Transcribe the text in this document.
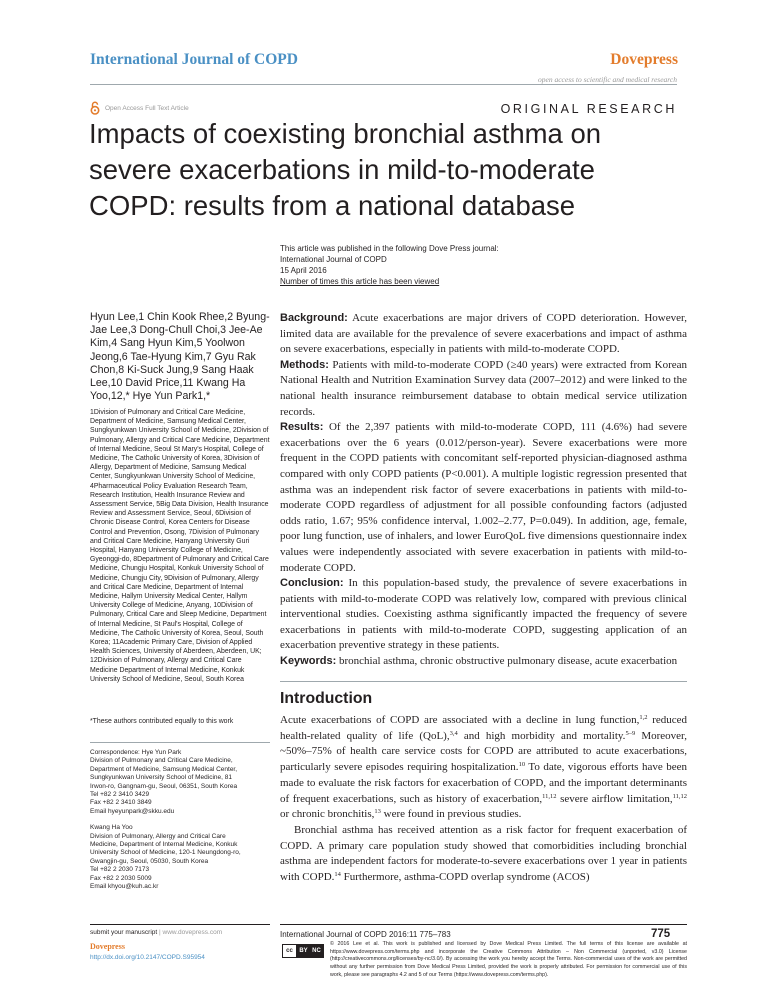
International Journal of COPD	Dovepress
open access to scientific and medical research
Open Access Full Text Article	ORIGINAL RESEARCH
Impacts of coexisting bronchial asthma on severe exacerbations in mild-to-moderate COPD: results from a national database
This article was published in the following Dove Press journal:
International Journal of COPD
15 April 2016
Number of times this article has been viewed
Hyun Lee,1 Chin Kook Rhee,2 Byung-Jae Lee,3 Dong-Chull Choi,3 Jee-Ae Kim,4 Sang Hyun Kim,5 Yoolwon Jeong,6 Tae-Hyung Kim,7 Gyu Rak Chon,8 Ki-Suck Jung,9 Sang Haak Lee,10 David Price,11 Kwang Ha Yoo,12,* Hye Yun Park1,*
1Division of Pulmonary and Critical Care Medicine, Department of Medicine, Samsung Medical Center, Sungkyunkwan University School of Medicine, 2Division of Pulmonary, Allergy and Critical Care Medicine, Department of Internal Medicine, Seoul St Mary's Hospital, College of Medicine, The Catholic University of Korea, 3Division of Allergy, Department of Medicine, Samsung Medical Center, Sungkyunkwan University School of Medicine, 4Pharmaceutical Policy Evaluation Research Team, Research Institution, Health Insurance Review and Assessment Service, 5Big Data Division, Health Insurance Review and Assessment Service, Seoul, 6Division of Chronic Disease Control, Korea Centers for Disease Control and Prevention, Osong, 7Division of Pulmonary and Critical Care Medicine, Hanyang University Guri Hospital, Hanyang University College of Medicine, Gyeonggi-do, 8Department of Pulmonary and Critical Care Medicine, Chungju Hospital, Konkuk University School of Medicine, Chungju City, 9Division of Pulmonary, Allergy and Critical Care Medicine, Department of Internal Medicine, Hallym University Medical Center, Hallym University College of Medicine, Anyang, 10Division of Pulmonary, Critical Care and Sleep Medicine, Department of Internal Medicine, St Paul's Hospital, College of Medicine, The Catholic University of Korea, Seoul, South Korea; 11Academic Primary Care, Division of Applied Health Sciences, University of Aberdeen, Aberdeen, UK; 12Division of Pulmonary, Allergy and Critical Care Medicine Department of Internal Medicine, Konkuk University School of Medicine, Seoul, South Korea
*These authors contributed equally to this work

Correspondence: Hye Yun Park
Division of Pulmonary and Critical Care Medicine,
Department of Medicine, Samsung Medical Center,
Sungkyunkwan University School of Medicine, 81
Irwon-ro, Gangnam-gu, Seoul, 06351, South Korea
Tel +82 2 3410 3429
Fax +82 2 3410 3849
Email hyeyunpark@skku.edu

Kwang Ha Yoo
Division of Pulmonary, Allergy and Critical Care
Medicine, Department of Internal Medicine, Konkuk
University School of Medicine, 120-1 Neungdong-ro,
Gwangjin-gu, Seoul, 05030, South Korea
Tel +82 2 2030 7173
Fax +82 2 2030 5009
Email khyou@kuh.ac.kr

Background: Acute exacerbations are major drivers of COPD deterioration. However, limited data are available for the prevalence of severe exacerbations and impact of asthma on severe exacerbations, especially in patients with mild-to-moderate COPD.

Methods: Patients with mild-to-moderate COPD (≥40 years) were extracted from Korean National Health and Nutrition Examination Survey data (2007–2012) and were linked to the national health insurance reimbursement database to obtain medical service utilization records.

Results: Of the 2,397 patients with mild-to-moderate COPD, 111 (4.6%) had severe exacerbations over the 6 years (0.012/person-year). Severe exacerbations were more frequent in the COPD patients with concomitant self-reported physician-diagnosed asthma compared with only COPD patients (P<0.001). A multiple logistic regression presented that asthma was an independent risk factor of severe exacerbations in patients with mild-to-moderate COPD regardless of adjustment for all possible confounding factors (adjusted odds ratio, 1.67; 95% confidence interval, 1.002–2.77, P=0.049). In addition, age, female, poor lung function, use of inhalers, and lower EuroQoL five dimensions questionnaire index values were independently associated with severe exacerbation in patients with mild-to-moderate COPD.

Conclusion: In this population-based study, the prevalence of severe exacerbations in patients with mild-to-moderate COPD was relatively low, compared with previous clinical interventional studies. Coexisting asthma significantly impacted the frequency of severe exacerbations in patients with mild-to-moderate COPD, suggesting application of an exacerbation preventive strategy in these patients.

Keywords: bronchial asthma, chronic obstructive pulmonary disease, acute exacerbation

Introduction

Acute exacerbations of COPD are associated with a decline in lung function,$^{1,2}$ reduced health-related quality of life (QoL),$^{3,4}$ and high morbidity and mortality.$^{5-9}$ Moreover, ~50%–75% of health care service costs for COPD are attributed to acute exacerbations, particularly severe episodes requiring hospitalization.$^{10}$ To date, vigorous efforts have been made to evaluate the risk factors for exacerbation of COPD, and the important determinants of frequent exacerbations, such as history of exacerbation,$^{11,12}$ severe airflow limitation,$^{11,12}$ or chronic bronchitis,$^{13}$ were found in previous studies.

Bronchial asthma has received attention as a risk factor for frequent exacerbation of COPD. A primary care population study showed that comorbidities including bronchial asthma are independent factors for moderate-to-severe exacerbations over 1 year in patients with COPD.$^{14}$ Furthermore, asthma-COPD overlap syndrome (ACOS)

submit your manuscript | www.dovepress.com
Dovepress
http://dx.doi.org/10.2147/COPD.S95954
International Journal of COPD 2016:11 775–783	775
cc	BY NC
© 2016 Lee et al. This work is published and licensed by Dove Medical Press Limited. The full terms of this license are available at https://www.dovepress.com/terms.php and incorporate the Creative Commons Attribution – Non Commercial (unported, v3.0) License (http://creativecommons.org/licenses/by-nc/3.0/). By accessing the work you hereby accept the Terms. Non-commercial uses of the work are permitted without any further permission from Dove Medical Press Limited, provided the work is properly attributed. For permission for commercial use of this work, please see paragraphs 4.2 and 5 of our Terms (https://www.dovepress.com/terms.php).
